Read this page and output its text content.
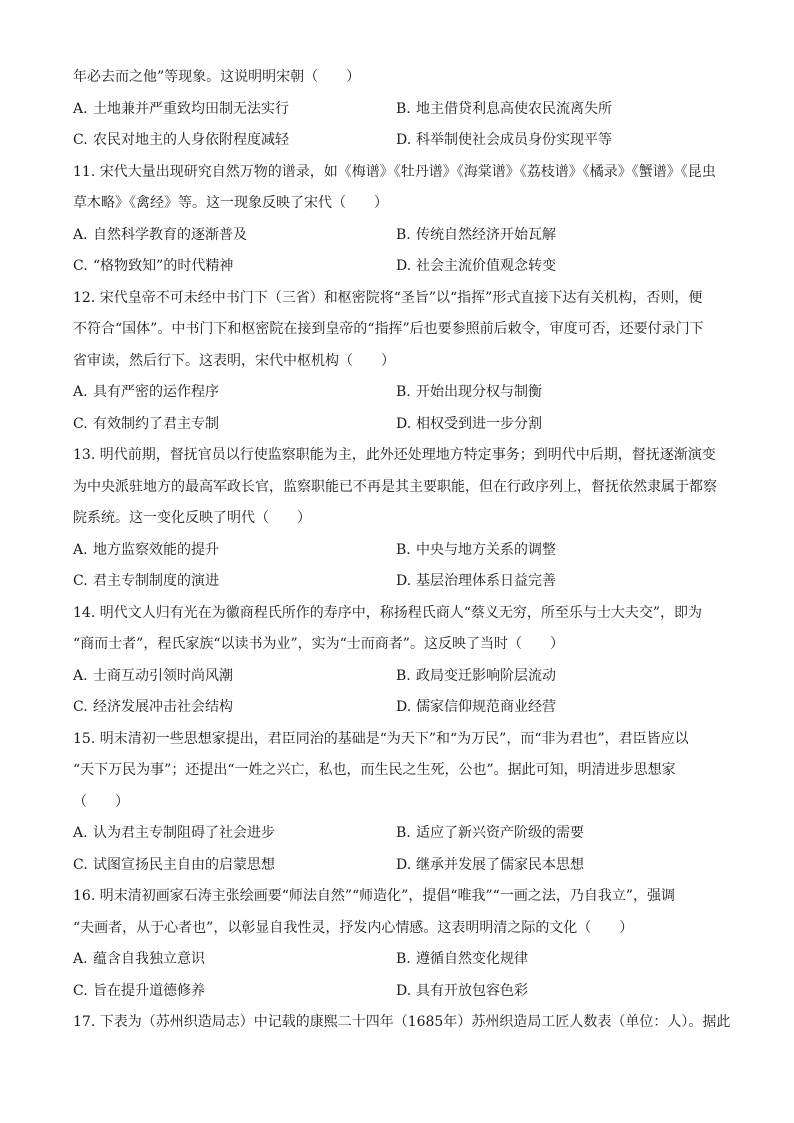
年必去而之他”等现象。这说明明宋朝（　　）
A. 土地兼并严重致均田制无法实行	B. 地主借贷利息高使农民流离失所
C. 农民对地主的人身依附程度减轻	D. 科举制使社会成员身份实现平等
11. 宋代大量出现研究自然万物的谱录，如《梅谱》《牡丹谱》《海棠谱》《荔枝谱》《橘录》《蟹谱》《昆虫
草木略》《禽经》等。这一现象反映了宋代（　　）
A. 自然科学教育的逐渐普及	B. 传统自然经济开始瓦解
C. “格物致知”的时代精神	D. 社会主流价值观念转变
12. 宋代皇帝不可未经中书门下（三省）和枢密院将“圣旨”以“指挥”形式直接下达有关机构，否则，便
不符合“国体”。中书门下和枢密院在接到皇帝的“指挥”后也要参照前后敕令，审度可否，还要付录门下
省审读，然后行下。这表明，宋代中枢机构（　　）
A. 具有严密的运作程序	B. 开始出现分权与制衡
C. 有效制约了君主专制	D. 相权受到进一步分割
13. 明代前期，督抚官员以行使监察职能为主，此外还处理地方特定事务；到明代中后期，督抚逐渐演变
为中央派驻地方的最高军政长官，监察职能已不再是其主要职能，但在行政序列上，督抚依然隶属于都察
院系统。这一变化反映了明代（　　）
A. 地方监察效能的提升	B. 中央与地方关系的调整
C. 君主专制制度的演进	D. 基层治理体系日益完善
14. 明代文人归有光在为徽商程氏所作的寿序中，称扬程氏商人“蔡义无穷，所至乐与士大夫交”，即为
“商而士者”，程氏家族“以读书为业”，实为“士而商者”。这反映了当时（　　）
A. 士商互动引领时尚风潮	B. 政局变迁影响阶层流动
C. 经济发展冲击社会结构	D. 儒家信仰规范商业经营
15. 明末清初一些思想家提出，君臣同治的基础是“为天下”和“为万民”，而“非为君也”，君臣皆应以
“天下万民为事”；还提出“一姓之兴亡，私也，而生民之生死，公也”。据此可知，明清进步思想家
（　　）
A. 认为君主专制阻碍了社会进步	B. 适应了新兴资产阶级的需要
C. 试图宣扬民主自由的启蒙思想	D. 继承并发展了儒家民本思想
16. 明末清初画家石涛主张绘画要“师法自然”“师造化”，提倡“唯我”“一画之法，乃自我立”，强调
“夫画者，从于心者也”，以彰显自我性灵，抒发内心情感。这表明明清之际的文化（　　）
A. 蕴含自我独立意识	B. 遵循自然变化规律
C. 旨在提升道德修养	D. 具有开放包容色彩
17. 下表为（苏州织造局志）中记载的康熙二十四年（1685年）苏州织造局工匠人数表（单位：人）。据此
